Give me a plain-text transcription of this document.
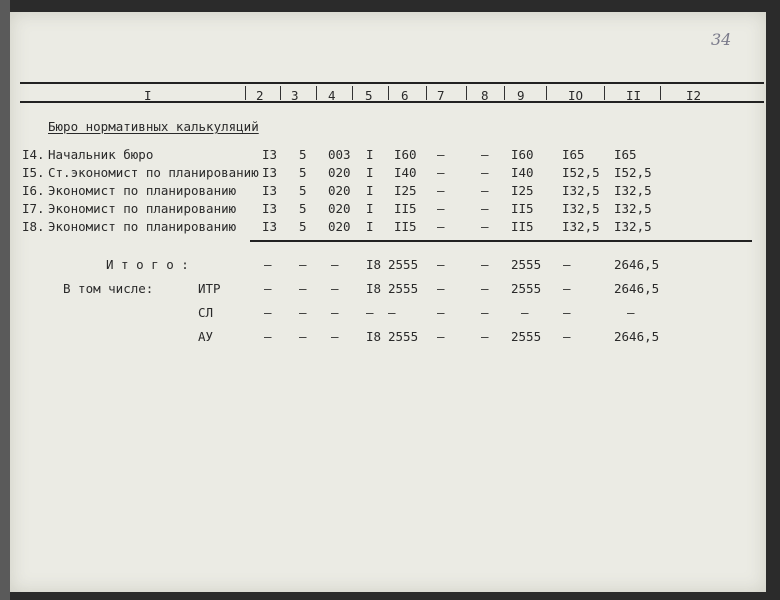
34
I	2 3 4 5 6 7	8 9	IO	II	I2
Бюро нормативных калькуляций
I4. Начальник бюро	I3 5 003 I I60 –	– I60 I65 I65
I5. Ст.экономист по планированию I3 5 020 I I40 –	– I40 I52,5 I52,5
I6. Экономист по планированию I3 5 020 I I25 –	– I25 I32,5 I32,5
I7. Экономист по планированию I3 5 020 I II5 –	– II5 I32,5 I32,5
I8. Экономист по планированию I3 5 020 I II5 –	– II5 I32,5 I32,5
И т о г о :	– – – I8 2555 –	– 2555 –	2646,5
В том числе:	ИТР	– – – I8 2555 –	– 2555 –	2646,5
СЛ	– – – – –	–	–	–	–	–
АУ	– – – I8 2555 –	– 2555 –	2646,5
